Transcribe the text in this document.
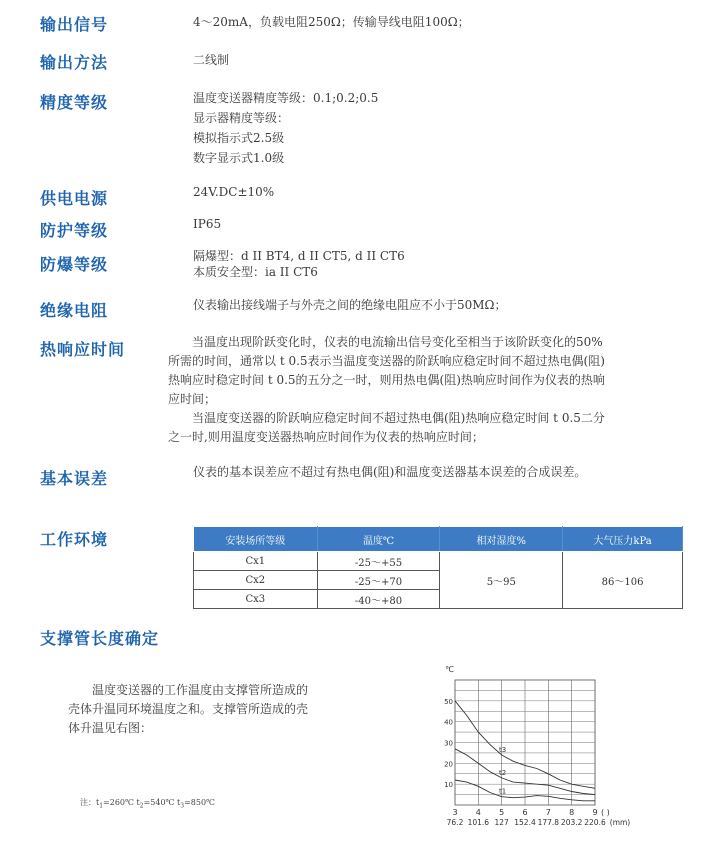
输出信号	4～20mA，负载电阻250Ω；传输导线电阻100Ω；
输出方法	二线制
精度等级	温度变送器精度等级：0.1;0.2;0.5
显示器精度等级：
模拟指示式2.5级
数字显示式1.0级
供电电源	24V.DC±10%
防护等级	IP65
防爆等级	隔爆型：d II BT4, d II CT5, d II CT6
本质安全型：ia II CT6
绝缘电阻	仪表输出接线端子与外壳之间的绝缘电阻应不小于50MΩ；
热响应时间	　　当温度出现阶跃变化时，仪表的电流输出信号变化至相当于该阶跃变化的50%
所需的时间，通常以 t 0.5表示当温度变送器的阶跃响应稳定时间不超过热电偶(阻)
热响应时稳定时间 t 0.5的五分之一时，则用热电偶(阻)热响应时间作为仪表的热响
应时间；
　　当温度变送器的阶跃响应稳定时间不超过热电偶(阻)热响应稳定时间 t 0.5二分
之一时,则用温度变送器热响应时间作为仪表的热响应时间；
基本误差	仪表的基本误差应不超过有热电偶(阻)和温度变送器基本误差的合成误差。
工作环境	安装场所等级	温度℃	相对湿度%	大气压力kPa
Cx1	-25～+55	5～95	86～106
Cx2	-25～+70		
Cx3	-40～+80		
支撑管长度确定
　　温度变送器的工作温度由支撑管所造成的
壳体升温同环境温度之和。支撑管所造成的壳
体升温见右图：
注：$t_1=260℃$ $t_2=540℃$ $t_3=850℃$
3 4 5 6 7 8 9
10
20
30
40
50
℃
( )
76.2 101.6 127 152.4 177.8 203.2 220.6 (mm)
t3
t2
t1
